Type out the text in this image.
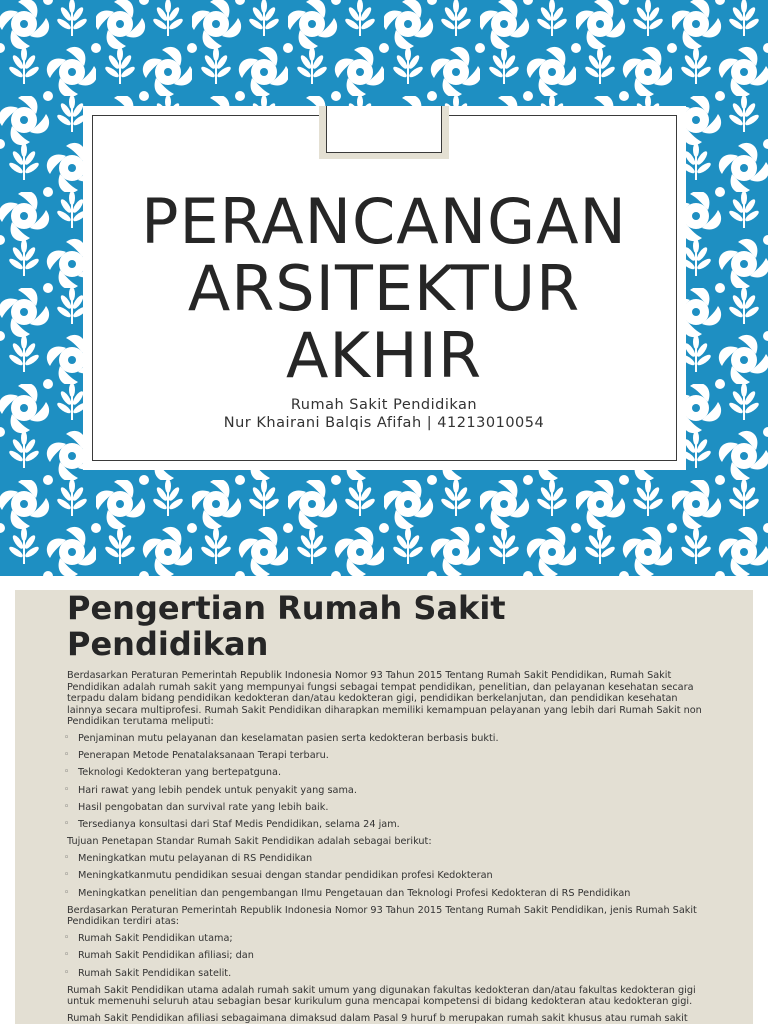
PERANCANGAN
ARSITEKTUR
AKHIR
Rumah Sakit Pendidikan
Nur Khairani Balqis Afifah | 41213010054
Pengertian Rumah Sakit Pendidikan

Berdasarkan Peraturan Pemerintah Republik Indonesia Nomor 93 Tahun 2015 Tentang Rumah Sakit Pendidikan, Rumah Sakit Pendidikan adalah rumah sakit yang mempunyai fungsi sebagai tempat pendidikan, penelitian, dan pelayanan kesehatan secara terpadu dalam bidang pendidikan kedokteran dan/atau kedokteran gigi, pendidikan berkelanjutan, dan pendidikan kesehatan lainnya secara multiprofesi. Rumah Sakit Pendidikan diharapkan memiliki kemampuan pelayanan yang lebih dari Rumah Sakit non Pendidikan terutama meliputi:

◦ Penjaminan mutu pelayanan dan keselamatan pasien serta kedokteran berbasis bukti.
◦ Penerapan Metode Penatalaksanaan Terapi terbaru.
◦ Teknologi Kedokteran yang bertepatguna.
◦ Hari rawat yang lebih pendek untuk penyakit yang sama.
◦ Hasil pengobatan dan survival rate yang lebih baik.
◦ Tersedianya konsultasi dari Staf Medis Pendidikan, selama 24 jam.

Tujuan Penetapan Standar Rumah Sakit Pendidikan adalah sebagai berikut:

◦ Meningkatkan mutu pelayanan di RS Pendidikan
◦ Meningkatkanmutu pendidikan sesuai dengan standar pendidikan profesi Kedokteran
◦ Meningkatkan penelitian dan pengembangan Ilmu Pengetauan dan Teknologi Profesi Kedokteran di RS Pendidikan

Berdasarkan Peraturan Pemerintah Republik Indonesia Nomor 93 Tahun 2015 Tentang Rumah Sakit Pendidikan, jenis Rumah Sakit Pendidikan terdiri atas:

◦ Rumah Sakit Pendidikan utama;
◦ Rumah Sakit Pendidikan afiliasi; dan
◦ Rumah Sakit Pendidikan satelit.

Rumah Sakit Pendidikan utama adalah rumah sakit umum yang digunakan fakultas kedokteran dan/atau fakultas kedokteran gigi untuk memenuhi seluruh atau sebagian besar kurikulum guna mencapai kompetensi di bidang kedokteran atau kedokteran gigi.

Rumah Sakit Pendidikan afiliasi sebagaimana dimaksud dalam Pasal 9 huruf b merupakan rumah sakit khusus atau rumah sakit
